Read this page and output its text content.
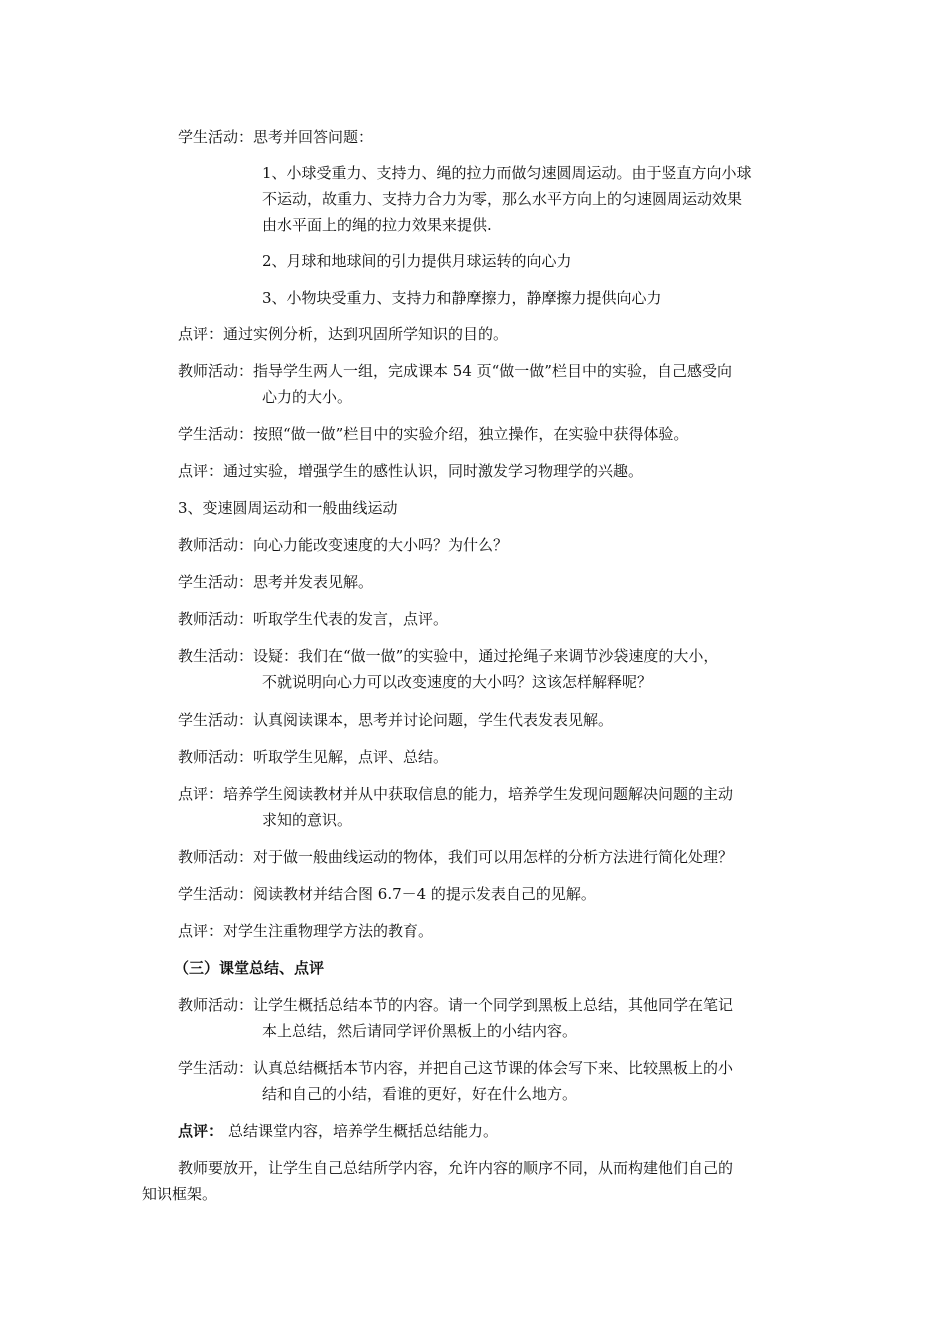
学生活动：思考并回答问题：
1、小球受重力、支持力、绳的拉力而做匀速圆周运动。由于竖直方向小球
不运动，故重力、支持力合力为零，那么水平方向上的匀速圆周运动效果
由水平面上的绳的拉力效果来提供.
2、月球和地球间的引力提供月球运转的向心力
3、小物块受重力、支持力和静摩擦力，静摩擦力提供向心力
点评：通过实例分析，达到巩固所学知识的目的。
教师活动：指导学生两人一组，完成课本 54 页“做一做”栏目中的实验，自己感受向
心力的大小。
学生活动：按照“做一做”栏目中的实验介绍，独立操作，在实验中获得体验。
点评：通过实验，增强学生的感性认识，同时激发学习物理学的兴趣。
3、变速圆周运动和一般曲线运动
教师活动：向心力能改变速度的大小吗？为什么？
学生活动：思考并发表见解。
教师活动：听取学生代表的发言，点评。
教生活动：设疑：我们在“做一做”的实验中，通过抡绳子来调节沙袋速度的大小，
不就说明向心力可以改变速度的大小吗？这该怎样解释呢？
学生活动：认真阅读课本，思考并讨论问题，学生代表发表见解。
教师活动：听取学生见解，点评、总结。
点评：培养学生阅读教材并从中获取信息的能力，培养学生发现问题解决问题的主动
求知的意识。
教师活动：对于做一般曲线运动的物体，我们可以用怎样的分析方法进行简化处理？
学生活动：阅读教材并结合图 6.7－4 的提示发表自己的见解。
点评：对学生注重物理学方法的教育。
（三）课堂总结、点评
教师活动：让学生概括总结本节的内容。请一个同学到黑板上总结，其他同学在笔记
本上总结，然后请同学评价黑板上的小结内容。
学生活动：认真总结概括本节内容，并把自己这节课的体会写下来、比较黑板上的小
结和自己的小结，看谁的更好，好在什么地方。
点评： 总结课堂内容，培养学生概括总结能力。
教师要放开，让学生自己总结所学内容，允许内容的顺序不同，从而构建他们自己的
知识框架。
